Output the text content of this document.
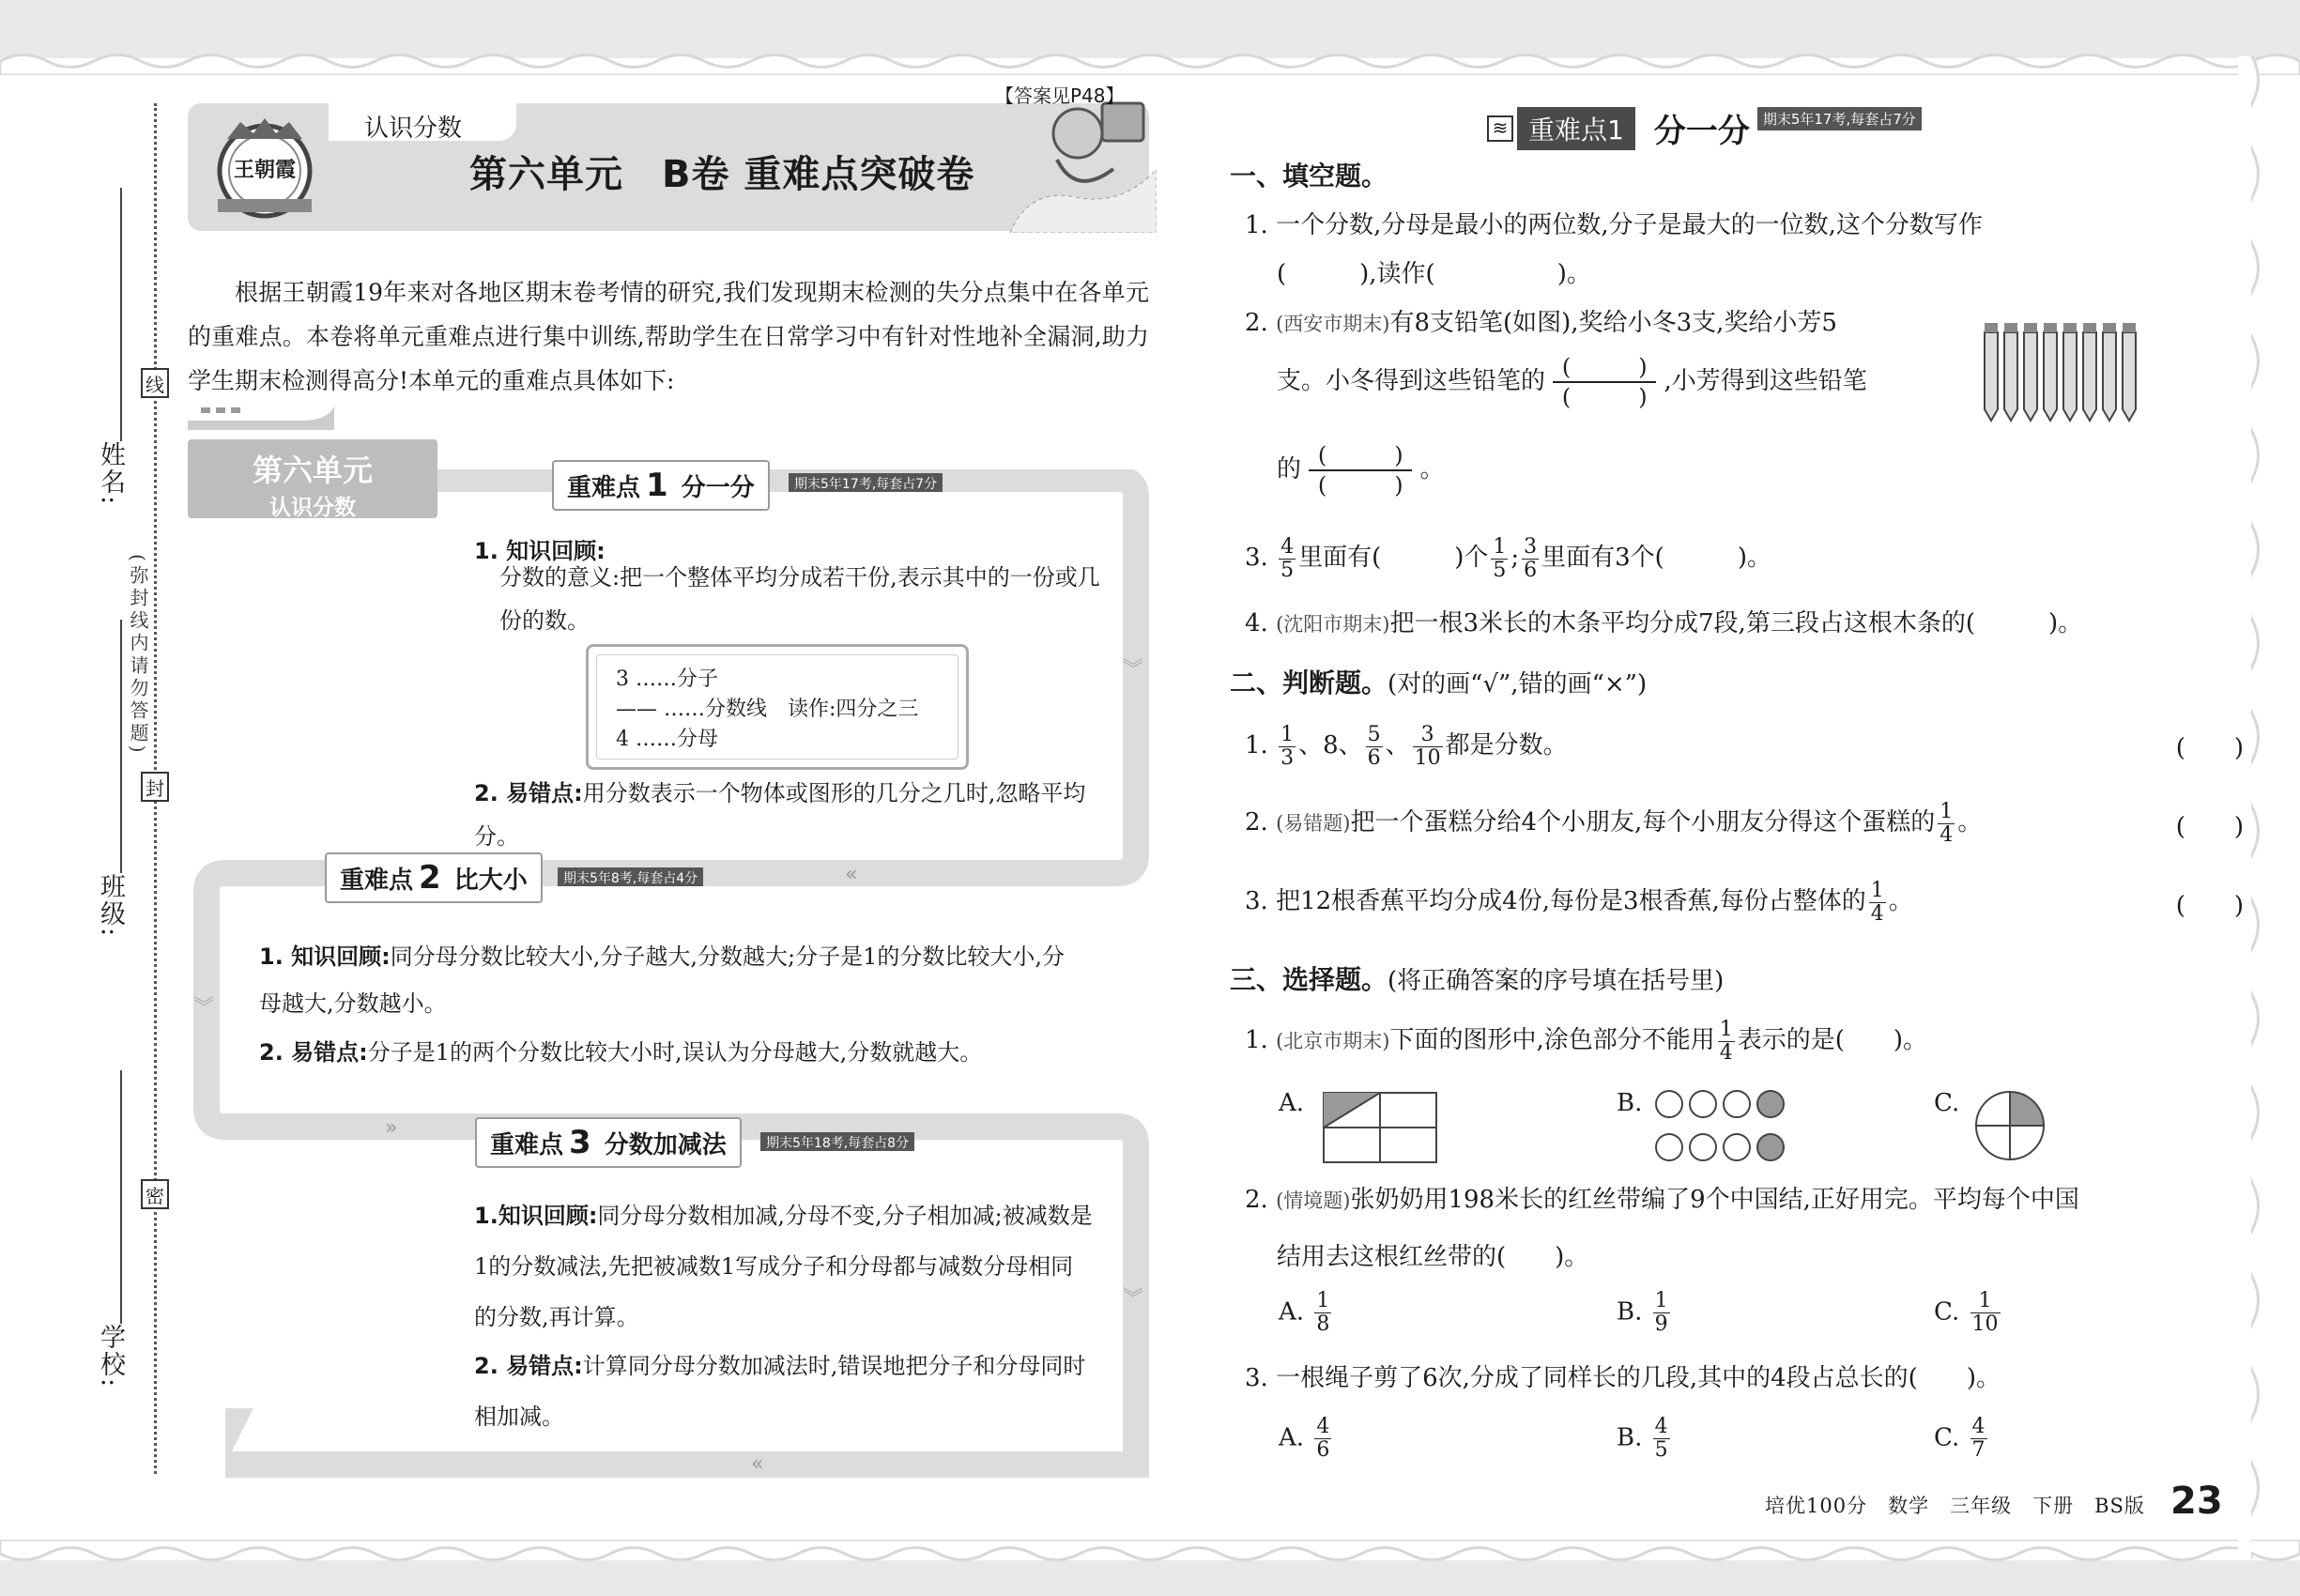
姓名:
班级:
学校:
线
封
密
(弥封线内请勿答题)
王朝霞
认识分数
第六单元　B卷 重难点突破卷
【答案见P48】

根据王朝霞19年来对各地区期末卷考情的研究,我们发现期末检测的失分点集中在各单元的重难点。本卷将单元重难点进行集中训练,帮助学生在日常学习中有针对性地补全漏洞,助力学生期末检测得高分!本单元的重难点具体如下:

︾
︾
︾
«
»
«
第六单元
认识分数
重难点 1 分一分	期末5年17考,每套占7分
1. 知识回顾:
分数的意义:把一个整体平均分成若干份,表示其中的一份或几份的数。
3 ……分子
—— ……分数线　读作:四分之三
4 ……分母
2. 易错点:用分数表示一个物体或图形的几分之几时,忽略平均分。
重难点 2 比大小	期末5年8考,每套占4分
1. 知识回顾:同分母分数比较大小,分子越大,分数越大;分子是1的分数比较大小,分母越大,分数越小。
2. 易错点:分子是1的两个分数比较大小时,误认为分母越大,分数就越大。
重难点 3 分数加减法	期末5年18考,每套占8分
1.知识回顾:同分母分数相加减,分母不变,分子相加减;被减数是1的分数减法,先把被减数1写成分子和分母都与减数分母相同的分数,再计算。
2. 易错点:计算同分母分数加减法时,错误地把分子和分母同时相加减。
≋ 重难点1 分一分 期末5年17考,每套占7分
一、填空题。
1. 一个分数,分母是最小的两位数,分子是最大的一位数,这个分数写作
(　　　),读作(　　　　　)。
2. (西安市期末)有8支铅笔(如图),奖给小冬3支,奖给小芳5
支。小冬得到这些铅笔的 (　　　)
(　　　) ,小芳得到这些铅笔
的 (　　　)
(　　　) 。
3. $\frac{4}{5}$ 里面有(　　　)个 $\frac{1}{5}$ ; $\frac{3}{6}$ 里面有3个(　　　)。
4. (沈阳市期末)把一根3米长的木条平均分成7段,第三段占这根木条的(　　　)。
二、判断题。(对的画“√”,错的画“×”)
1. $\frac{1}{3}$ 、8、 $\frac{5}{6}$ 、 $\frac{3}{10}$ 都是分数。	(　　)
2. (易错题)把一个蛋糕分给4个小朋友,每个小朋友分得这个蛋糕的 $\frac{1}{4}$ 。	(　　)
3. 把12根香蕉平均分成4份,每份是3根香蕉,每份占整体的 $\frac{1}{4}$ 。	(　　)
三、选择题。(将正确答案的序号填在括号里)
1. (北京市期末)下面的图形中,涂色部分不能用 $\frac{1}{4}$ 表示的是(　　)。
A.	B.	C.
2. (情境题)张奶奶用198米长的红丝带编了9个中国结,正好用完。平均每个中国
结用去这根红丝带的(　　)。
A. $\frac{1}{8}$	B. $\frac{1}{9}$	C. $\frac{1}{10}$
3. 一根绳子剪了6次,分成了同样长的几段,其中的4段占总长的(　　)。
A. $\frac{4}{6}$	B. $\frac{4}{5}$	C. $\frac{4}{7}$
培优100分　数学　三年级　下册　BS版 23
